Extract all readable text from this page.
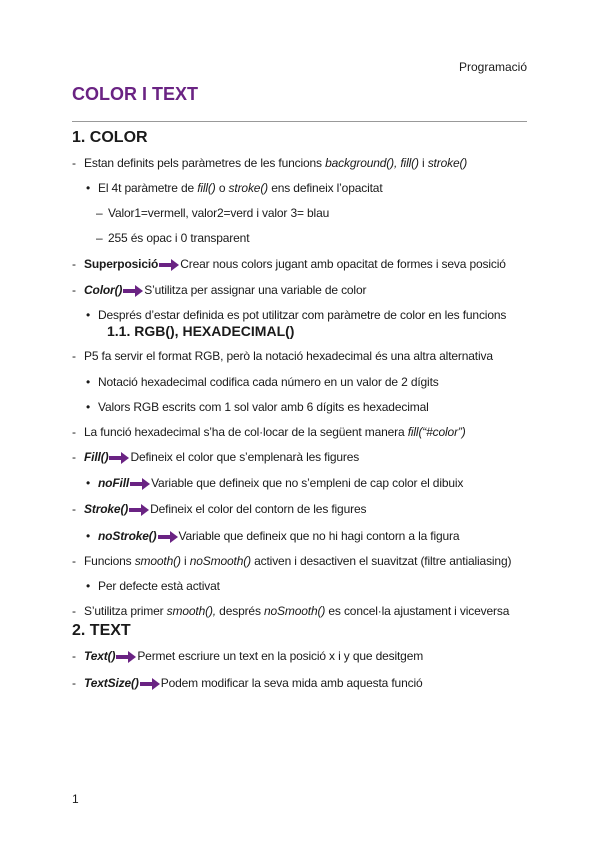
Programació
COLOR I TEXT
1. COLOR
- Estan definits pels paràmetres de les funcions background(), fill() i stroke()
• El 4t paràmetre de fill() o stroke() ens defineix l’opacitat
‒ Valor1=vermell, valor2=verd i valor 3= blau
‒ 255 és opac i 0 transparent
- Superposició Crear nous colors jugant amb opacitat de formes i seva posició
- Color() S’utilitza per assignar una variable de color
• Després d’estar definida es pot utilitzar com paràmetre de color en les funcions
1.1. RGB(), HEXADECIMAL()
- P5 fa servir el format RGB, però la notació hexadecimal és una altra alternativa
• Notació hexadecimal codifica cada número en un valor de 2 dígits
• Valors RGB escrits com 1 sol valor amb 6 dígits es hexadecimal
- La funció hexadecimal s’ha de col·locar de la següent manera fill(“#color”)
- Fill() Defineix el color que s’emplenarà les figures
• noFill Variable que defineix que no s’empleni de cap color el dibuix
- Stroke() Defineix el color del contorn de les figures
• noStroke() Variable que defineix que no hi hagi contorn a la figura
- Funcions smooth() i noSmooth() activen i desactiven el suavitzat (filtre antialiasing)
• Per defecte està activat
- S’utilitza primer smooth(), després noSmooth() es concel·la ajustament i viceversa
2. TEXT
- Text() Permet escriure un text en la posició x i y que desitgem
- TextSize() Podem modificar la seva mida amb aquesta funció
1
